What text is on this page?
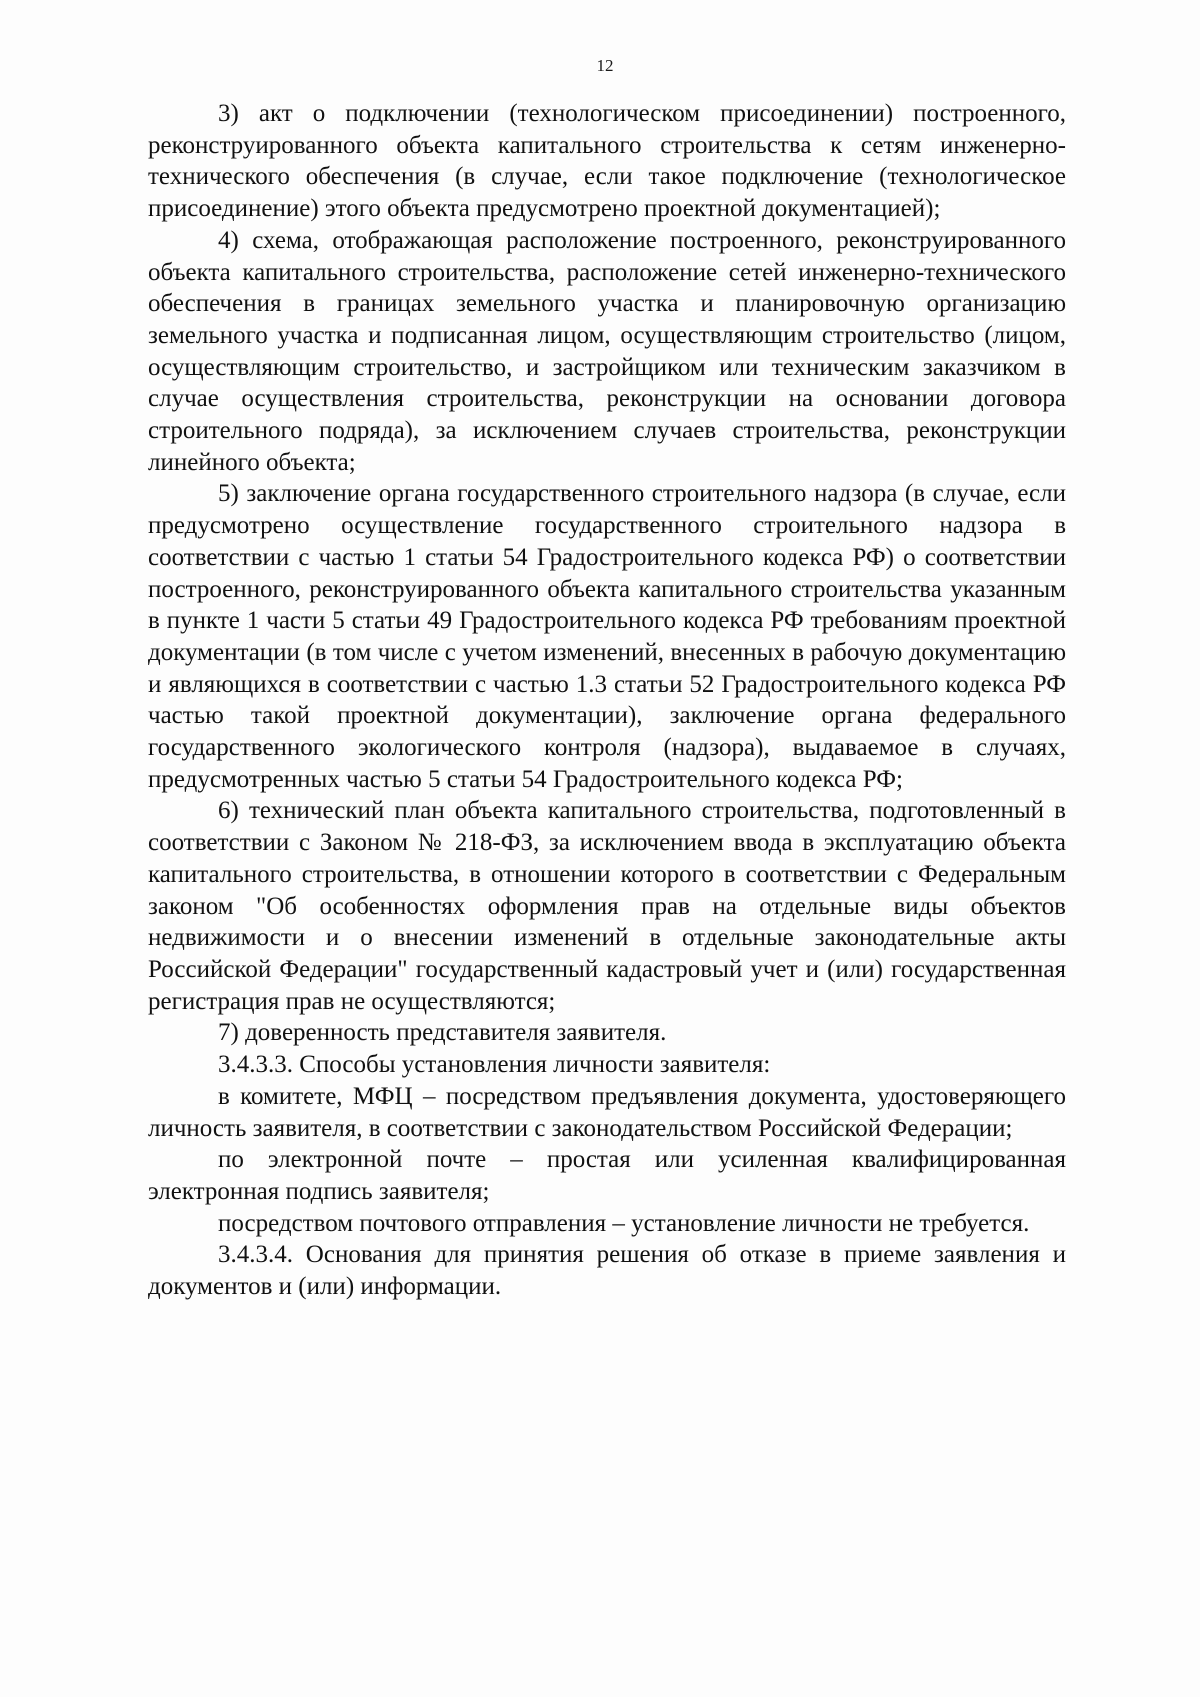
12

3) акт о подключении (технологическом присоединении) построенного, реконструированного объекта капитального строительства к сетям инженерно-технического обеспечения (в случае, если такое подключение (технологическое присоединение) этого объекта предусмотрено проектной документацией);

4) схема, отображающая расположение построенного, реконструированного объекта капитального строительства, расположение сетей инженерно-технического обеспечения в границах земельного участка и планировочную организацию земельного участка и подписанная лицом, осуществляющим строительство (лицом, осуществляющим строительство, и застройщиком или техническим заказчиком в случае осуществления строительства, реконструкции на основании договора строительного подряда), за исключением случаев строительства, реконструкции линейного объекта;

5) заключение органа государственного строительного надзора (в случае, если предусмотрено осуществление государственного строительного надзора в соответствии с частью 1 статьи 54 Градостроительного кодекса РФ) о соответствии построенного, реконструированного объекта капитального строительства указанным в пункте 1 части 5 статьи 49 Градостроительного кодекса РФ требованиям проектной документации (в том числе с учетом изменений, внесенных в рабочую документацию и являющихся в соответствии с частью 1.3 статьи 52 Градостроительного кодекса РФ частью такой проектной документации), заключение органа федерального государственного экологического контроля (надзора), выдаваемое в случаях, предусмотренных частью 5 статьи 54 Градостроительного кодекса РФ;

6) технический план объекта капитального строительства, подготовленный в соответствии с Законом № 218-ФЗ, за исключением ввода в эксплуатацию объекта капитального строительства, в отношении которого в соответствии с Федеральным законом "Об особенностях оформления прав на отдельные виды объектов недвижимости и о внесении изменений в отдельные законодательные акты Российской Федерации" государственный кадастровый учет и (или) государственная регистрация прав не осуществляются;

7) доверенность представителя заявителя.

3.4.3.3. Способы установления личности заявителя:

в комитете, МФЦ – посредством предъявления документа, удостоверяющего личность заявителя, в соответствии с законодательством Российской Федерации;

по электронной почте – простая или усиленная квалифицированная электронная подпись заявителя;

посредством почтового отправления – установление личности не требуется.

3.4.3.4. Основания для принятия решения об отказе в приеме заявления и документов и (или) информации.
